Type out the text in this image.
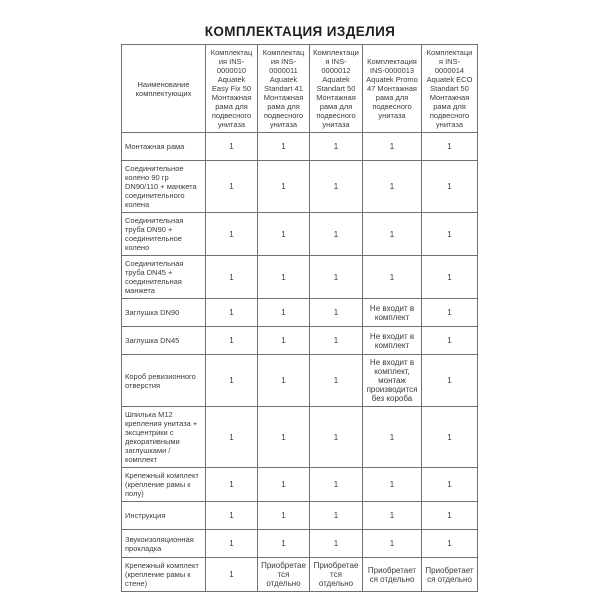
КОМПЛЕКТАЦИЯ ИЗДЕЛИЯ
Наименование комплектующих	Комплектация INS-0000010 Aquatek Easy Fix 50 Монтажная рама для подвесного унитаза	Комплектация INS-0000011 Aquatek Standart 41 Монтажная рама для подвесного унитаза	Комплектация INS-0000012 Aquatek Standart 50 Монтажная рама для подвесного унитаза	Комплектация INS-0000013 Aquatek Promo 47 Монтажная рама для подвесного унитаза	Комплектация INS-0000014 Aquatek ECO Standart 50 Монтажная рама для подвесного унитаза
Монтажная рама	1	1	1	1	1
Соединительное колено 90 гр DN90/110 + манжета соединительного колена	1	1	1	1	1
Соединительная труба DN90 + соединительное колено	1	1	1	1	1
Соединительная труба DN45 + соединительная манжета	1	1	1	1	1
Заглушка DN90	1	1	1	Не входит в комплект	1
Заглушка DN45	1	1	1	Не входит в комплект	1
Короб ревизионного отверстия	1	1	1	Не входит в комплект, монтаж производится без короба	1
Шпилька М12 крепления унитаза + эксцентрики с декоративными заглушками / комплект	1	1	1	1	1
Крепежный комплект (крепление рамы к полу)	1	1	1	1	1
Инструкция	1	1	1	1	1
Звукоизоляционная прокладка	1	1	1	1	1
Крепежный комплект (крепление рамы к стене)	1	Приобретается отдельно	Приобретается отдельно	Приобретается отдельно	Приобретается отдельно
